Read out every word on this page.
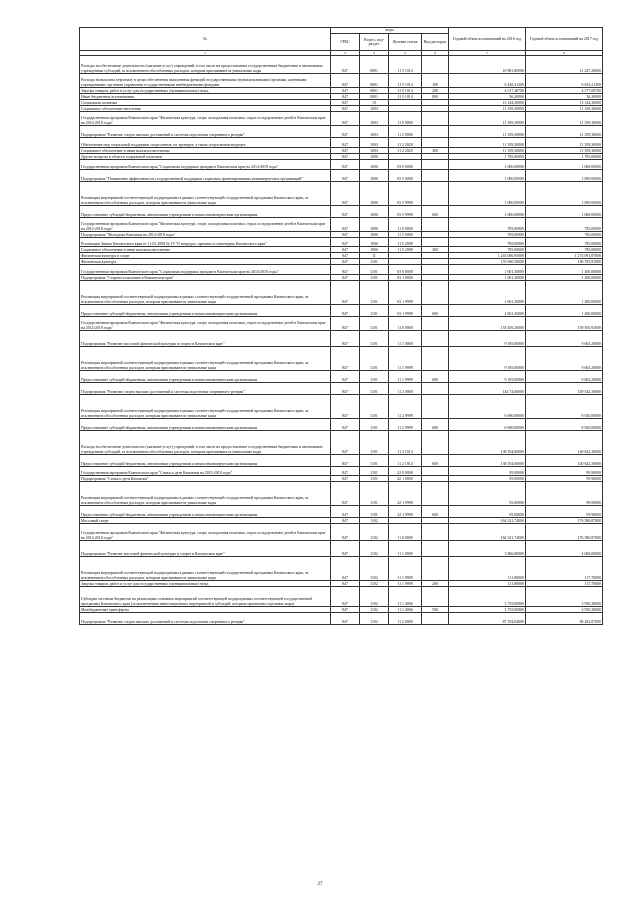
№	коды				Годовой объем ассигнований на 2016 год	Годовой объем ассигнований на 2017 год
	ГРБС	Раздел, под-раздел	Целевая статья	Вид расходов		
1	3	4	5	6	7	8
Расходы на обеспечение деятельности (оказание услуг) учреждений, в том числе на предоставление государственным бюджетным и автономным учреждениям субсидий, за исключением обособленных расходов, которым присваиваются уникальные коды	847	0801	11 5 1014		10 981,80000	11 247,20000
Расходы на выплаты персоналу в целях обеспечения выполнения функций государственными (муниципальными) органами, казенными учреждениями, органами управления государственными внебюджетными фондами	847	0801	11 5 1014	100	6 428,31200	6 633,31300
Закупка товаров, работ и услуг для государственных (муниципальных) нужд	847	0801	11 5 1014	200	4 517,28700	4 577,68700
Иные бюджетные ассигнования	847	0801	11 5 1014	800	36,20000	36,20000
Социальная политика	847	10			13 144,30000	13 144,30000
Социальное обеспечение населения	847	1003			11 359,30000	11 359,30000
Государственная программа Камчатского края "Физическая культура, спорт, молодежная политика, отдых и оздоровление детей в Камчатском крае на 2014-2018 годы"	847	1003	11 0 0000		11 359,30000	11 359,30000
Подпрограмма "Развитие спорта высших достижений и системы подготовки спортивного резерва"	847	1003	11 2 0000		11 359,30000	11 359,30000
Обеспечение мер социальной поддержки спортсменов, их тренеров, а также спортсменов-ведущих	847	1003	11 2 2029		11 359,30000	11 359,30000
Социальное обеспечение и иные выплаты населению	847	1003	11 2 2029	300	11 359,30000	11 359,30000
Другие вопросы в области социальной политики	847	1006			1 785,00000	1 785,00000
Государственная программа Камчатского края "Социальная поддержка граждан в Камчатском крае на 2014-2018 годы"	847	1006	03 0 0000		1 000,00000	1 000,00000
Подпрограмма "Повышение эффективности государственной поддержки социально ориентированных некоммерческих организаций"	847	1006	03 5 0000		1 000,00000	1 000,00000
Реализация мероприятий соответствующей подпрограммы в рамках соответствующей государственной программы Камчатского края, за исключением обособленных расходов, которым присваиваются уникальные коды	847	1006	03 5 9999		1 000,00000	1 000,00000
Предоставление субсидий бюджетным, автономным учреждениям и иным некоммерческим организациям	847	1006	03 5 9999	600	1 000,00000	1 000,00000
Государственная программа Камчатского края "Физическая культура, спорт, молодежная политика, отдых и оздоровление детей в Камчатском крае на 2014-2018 годы"	847	1006	11 0 0000		785,00000	785,00000
Подпрограмма "Молодежь Камчатки на 2014-2018 годы"	847	1006	11 5 0000		785,00000	785,00000
Реализация Закона Камчатского края от 11.03.2008 № 19 "О наградах, премиях и стипендиях Камчатского края"	847	1006	11 5 2008		785,00000	785,00000
Социальное обеспечение и иные выплаты населению	847	1006	11 5 2008	300	785,00000	785,00000
Физическая культура и спорт	847	11			1 243 000,95000	1 274 091,87000
Физическая культура	847	1101			155 060,56000	160 705,91000
Государственная программа Камчатского края "Социальная поддержка граждан в Камчатском крае на 2014-2018 годы"	847	1101	03 0 0000		1 601,30000	1 200,00000
Подпрограмма "Старшее поколение в Камчатском крае"	847	1101	03 1 0000		1 601,30000	1 200,00000
Реализация мероприятий соответствующей подпрограммы в рамках соответствующей государственной программы Камчатского края, за исключением обособленных расходов, которым присваиваются уникальные коды	847	1101	03 1 9999		1 601,30000	1 200,00000
Предоставление субсидий бюджетным, автономным учреждениям и иным некоммерческим организациям	847	1101	03 1 9999	600	1 601,30000	1 200,00000
Государственная программа Камчатского края "Физическая культура, спорт, молодежная политика, отдых и оздоровление детей в Камчатском крае на 2014-2018 годы"	847	1101	11 0 0000		153 459,26000	159 505,91000
Подпрограмма "Развитие массовой физической культуры и спорта в Камчатском крае"	847	1101	11 1 0000		9 185,00000	9 663,20000
Реализация мероприятий соответствующей подпрограммы в рамках соответствующей государственной программы Камчатского края, за исключением обособленных расходов, которым присваиваются уникальные коды	847	1101	11 1 9999		9 185,00000	9 663,20000
Предоставление субсидий бюджетным, автономным учреждениям и иным некоммерческим организациям	847	1101	11 1 9999	600	9 185,00000	9 663,20000
Подпрограмма "Развитие спорта высших достижений и системы подготовки спортивного резерва"	847	1101	11 2 0000		144 74,66000	149 542,36000
Реализация мероприятий соответствующей подпрограммы в рамках соответствующей государственной программы Камчатского края, за исключением обособленных расходов, которым присваиваются уникальные коды	847	1101	11 2 9999		6 690,00000	8 920,00000
Предоставление субсидий бюджетным, автономным учреждениям и иным некоммерческим организациям	847	1101	11 2 9999	600	6 690,00000	8 920,00000
Расходы на обеспечение деятельности (оказание услуг) учреждений, в том числе на предоставление государственным бюджетным и автономным учреждениям субсидий, за исключением обособленных расходов, которым присваиваются уникальные коды	847	1101	11 2 1014		138 164,66000	140 622,36000
Предоставление субсидий бюджетным, автономным учреждениям и иным некоммерческим организациям	847	1101	11 2 1014	600	138 164,66000	140 622,36000
Государственная программа Камчатского края "Семья и дети Камчатки на 2015-2018 годы"	847	1101	22 0 0000		95,00000	99,90000
Подпрограмма "Семья и дети Камчатки"	847	1101	22 1 0000		95,00000	99,90000
Реализация мероприятий соответствующей подпрограммы в рамках соответствующей государственной программы Камчатского края, за исключением обособленных расходов, которым присваиваются уникальные коды	847	1101	22 1 9999		95,00000	99,90000
Предоставление субсидий бюджетным, автономным учреждениям и иным некоммерческим организациям	847	1101	22 1 9999	600	95,00000	99,90000
Массовый спорт	847	1102			164 321,74000	176 580,87000
Государственная программа Камчатского края "Физическая культура, спорт, молодежная политика, отдых и оздоровление детей в Камчатском крае на 2014-2018 годы"	847	1102	11 0 0000		164 321,74000	176 580,87000
Подпрограмма "Развитие массовой физической культуры и спорта в Камчатском крае"	847	1102	11 1 0000		3 866,80000	4 068,00000
Реализация мероприятий соответствующей подпрограммы в рамках соответствующей государственной программы Камчатского края, за исключением обособленных расходов, которым присваиваются уникальные коды	847	1102	11 1 9999		111,80000	117,70000
Закупка товаров, работ и услуг для государственных (муниципальных) нужд	847	1102	11 1 9999	200	111,80000	117,70000
Субсидии местным бюджетам на реализацию основных мероприятий соответствующей подпрограммы соответствующей государственной программы Камчатского края (за исключением инвестиционных мероприятий и субсидий, которым присвоены отдельные коды)	847	1102	11 1 4006		3 755,00000	3 950,30000
Межбюджетные трансферты	847	1102	11 1 4006	500	3 755,00000	3 950,30000
Подпрограмма "Развитие спорта высших достижений и системы подготовки спортивного резерва"	847	1102	11 2 0000		87 194,04000	96 282,87000
27
